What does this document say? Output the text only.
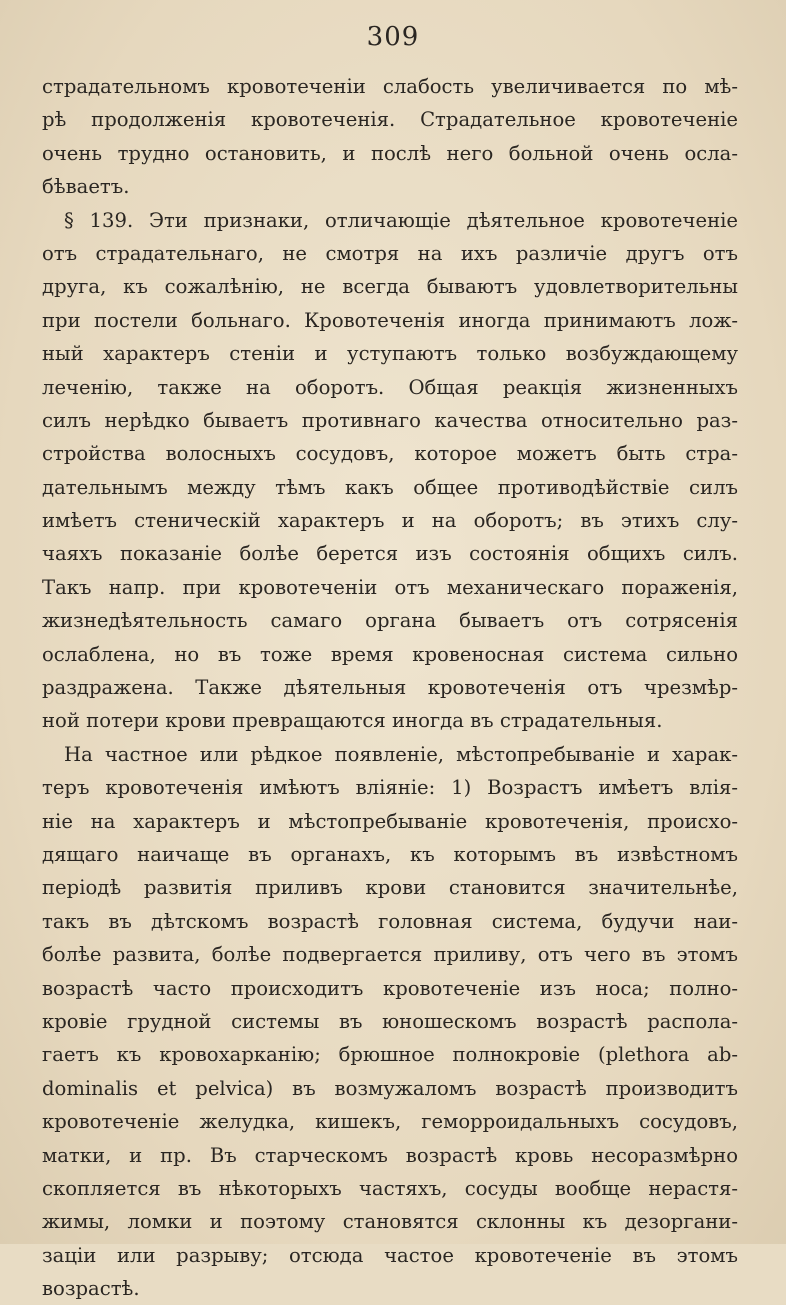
309
страдательномъ кровотеченіи слабость увеличивается по мѣ-
рѣ продолженія кровотеченія. Страдательное кровотеченіе
очень трудно остановить, и послѣ него больной очень осла-
бѣваетъ.
§ 139. Эти признаки, отличающіе дѣятельное кровотеченіе
отъ страдательнаго, не смотря на ихъ различіе другъ отъ
друга, къ сожалѣнію, не всегда бываютъ удовлетворительны
при постели больнаго. Кровотеченія иногда принимаютъ лож-
ный характеръ стеніи и уступаютъ только возбуждающему
леченію, также на оборотъ. Общая реакція жизненныхъ
силъ нерѣдко бываетъ противнаго качества относительно раз-
стройства волосныхъ сосудовъ, которое можетъ быть стра-
дательнымъ между тѣмъ какъ общее противодѣйствіе силъ
имѣетъ стеническій характеръ и на оборотъ; въ этихъ слу-
чаяхъ показаніе болѣе берется изъ состоянія общихъ силъ.
Такъ напр. при кровотеченіи отъ механическаго пораженія,
жизнедѣятельность самаго органа бываетъ отъ сотрясенія
ослаблена, но въ тоже время кровеносная система сильно
раздражена. Также дѣятельныя кровотеченія отъ чрезмѣр-
ной потери крови превращаются иногда въ страдательныя.
На частное или рѣдкое появленіе, мѣстопребываніе и харак-
теръ кровотеченія имѣютъ вліяніе: 1) Возрастъ имѣетъ влія-
ніе на характеръ и мѣстопребываніе кровотеченія, происхо-
дящаго наичаще въ органахъ, къ которымъ въ извѣстномъ
періодѣ развитія приливъ крови становится значительнѣе,
такъ въ дѣтскомъ возрастѣ головная система, будучи наи-
болѣе развита, болѣе подвергается приливу, отъ чего въ этомъ
возрастѣ часто происходитъ кровотеченіе изъ носа; полно-
кровіе грудной системы въ юношескомъ возрастѣ распола-
гаетъ къ кровохарканію; брюшное полнокровіе (plethora ab-
dominalis et pelvica) въ возмужаломъ возрастѣ производитъ
кровотеченіе желудка, кишекъ, геморроидальныхъ сосудовъ,
матки, и пр. Въ старческомъ возрастѣ кровь несоразмѣрно
скопляется въ нѣкоторыхъ частяхъ, сосуды вообще нерастя-
жимы, ломки и поэтому становятся склонны къ дезоргани-
заціи или разрыву; отсюда частое кровотеченіе въ этомъ
возрастѣ.
